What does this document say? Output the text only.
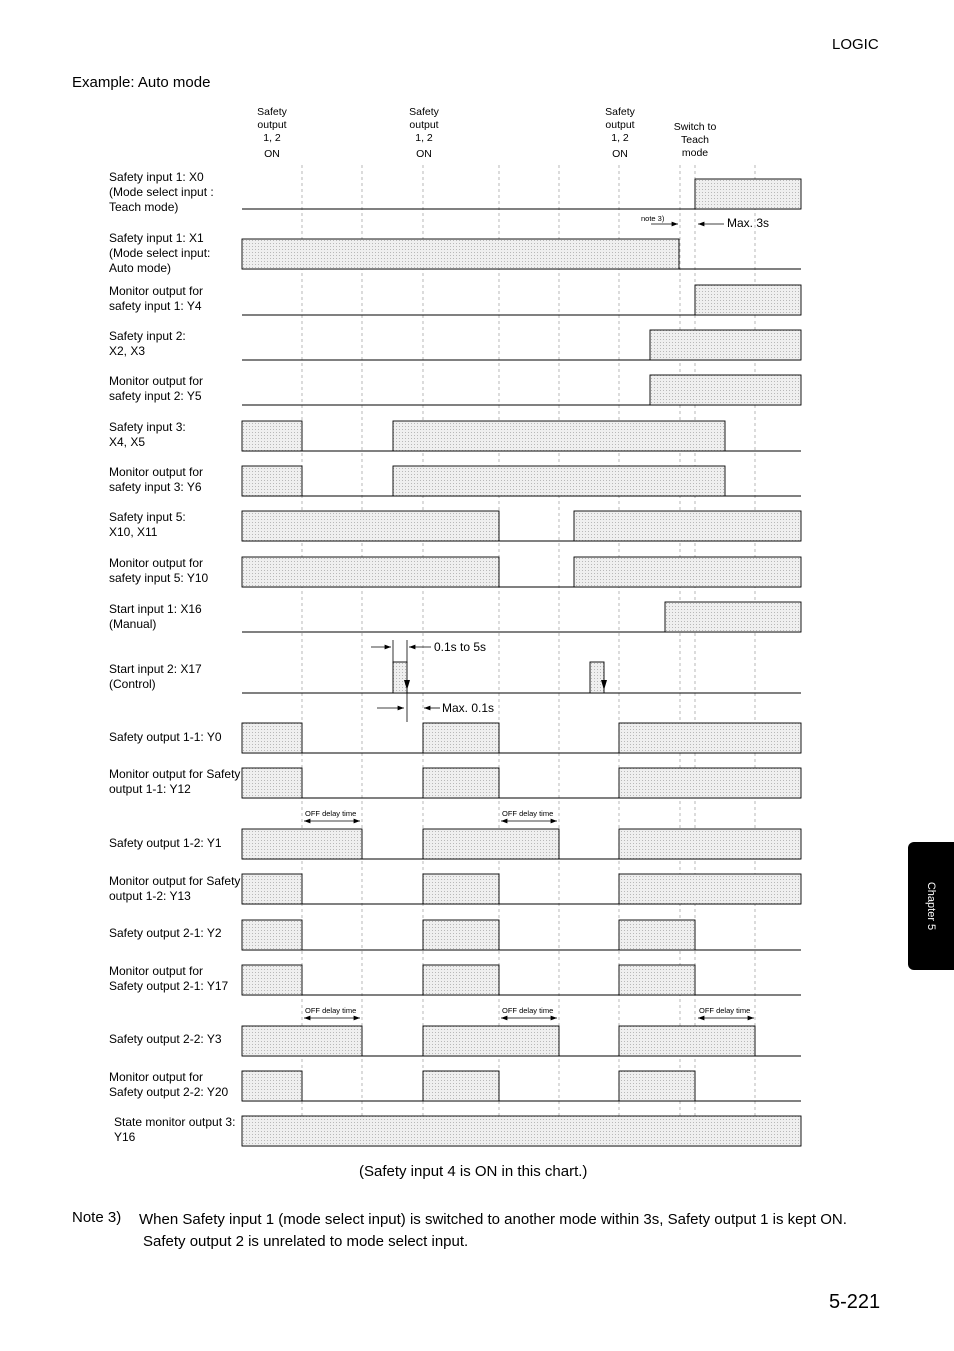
LOGIC
Example: Auto mode
Safety
output
1, 2
ON
Safety
output
1, 2
ON
Safety
output
1, 2
ON
Switch to
Teach
mode
Safety input 1: X0
(Mode select input :
Teach mode)
Safety input 1: X1
(Mode select input:
Auto mode)
Monitor output for
safety input 1: Y4
Safety input 2:
X2, X3
Monitor output for
safety input 2: Y5
Safety input 3:
X4, X5
Monitor output for
safety input 3: Y6
Safety input 5:
X10, X11
Monitor output for
safety input 5: Y10
Start input 1: X16
(Manual)
Start input 2: X17
(Control)
Safety output 1-1: Y0
Monitor output for Safety
output 1-1: Y12
Safety output 1-2: Y1
Monitor output for Safety
output 1-2: Y13
Safety output 2-1: Y2
Monitor output for
Safety output 2-1: Y17
Safety output 2-2: Y3
Monitor output for
Safety output 2-2: Y20
State monitor output 3:
Y16
note 3)	Max. 3s
0.1s to 5s
Max. 0.1s
OFF delay time	OFF delay time
OFF delay time	OFF delay time	OFF delay time
(Safety input 4 is ON in this chart.)
Note 3) When Safety input 1 (mode select input) is switched to another mode within 3s, Safety output 1 is kept ON.
Safety output 2 is unrelated to mode select input.
5-221
Chapter 5
